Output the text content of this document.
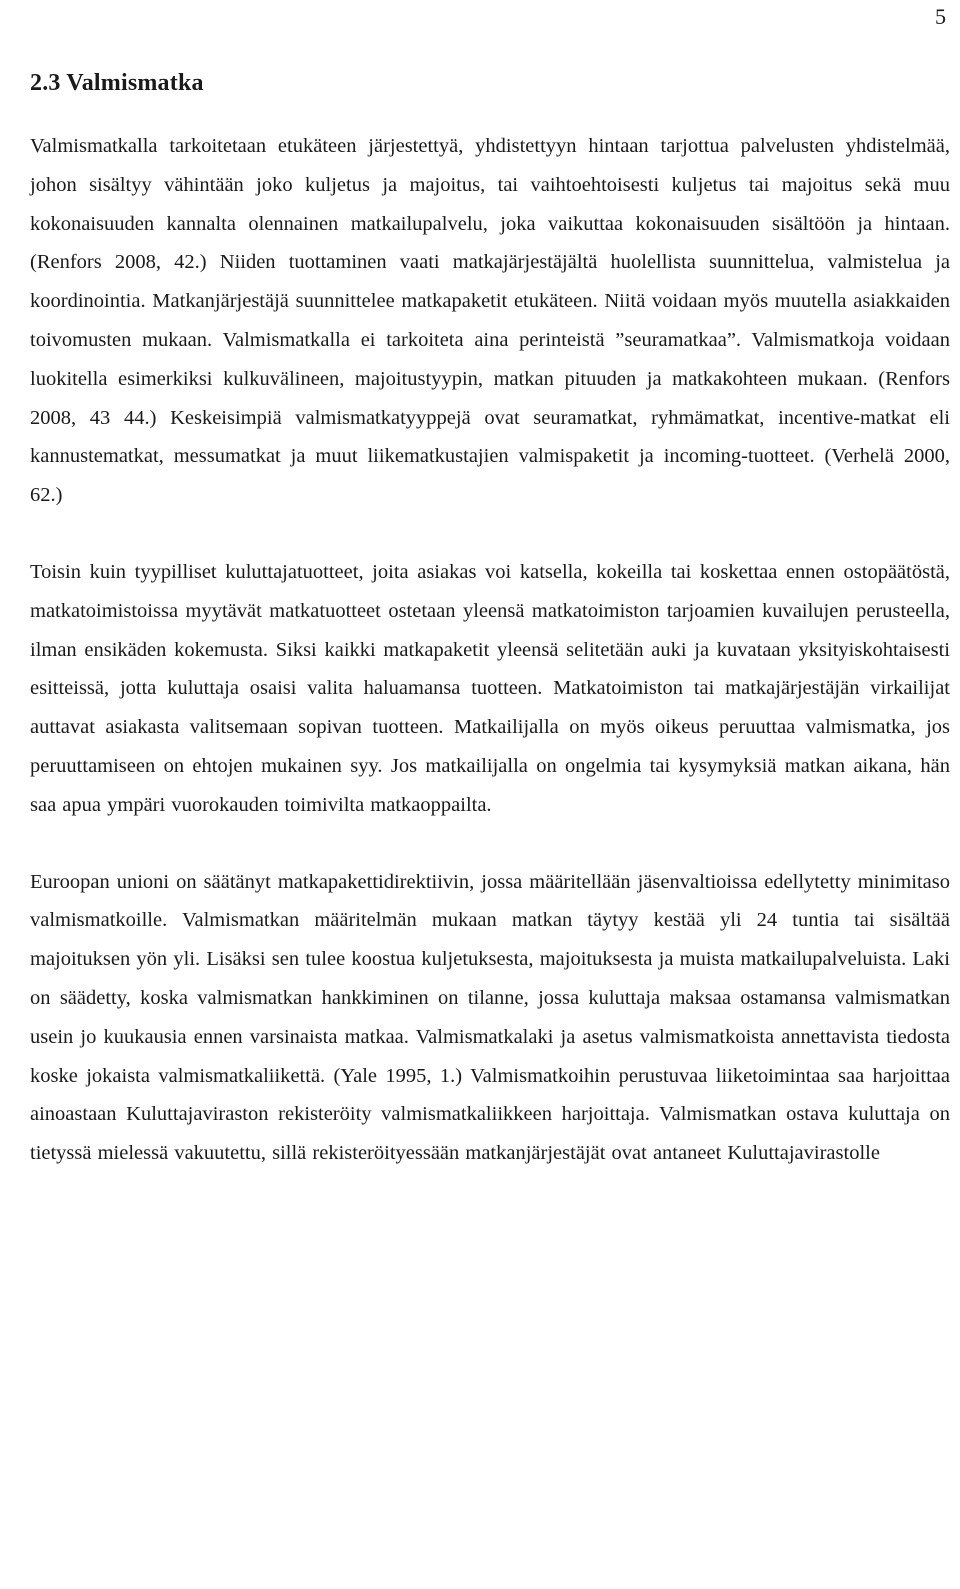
5
2.3 Valmismatka

Valmismatkalla tarkoitetaan etukäteen järjestettyä, yhdistettyyn hintaan tarjottua palvelusten yhdistelmää, johon sisältyy vähintään joko kuljetus ja majoitus, tai vaihtoehtoisesti kuljetus tai majoitus sekä muu kokonaisuuden kannalta olennainen matkailupalvelu, joka vaikuttaa kokonaisuuden sisältöön ja hintaan. (Renfors 2008, 42.) Niiden tuottaminen vaati matkajärjestäjältä huolellista suunnittelua, valmistelua ja koordinointia. Matkanjärjestäjä suunnittelee matkapaketit etukäteen. Niitä voidaan myös muutella asiakkaiden toivomusten mukaan. Valmismatkalla ei tarkoiteta aina perinteistä ”seuramatkaa”. Valmismatkoja voidaan luokitella esimerkiksi kulkuvälineen, majoitustyypin, matkan pituuden ja matkakohteen mukaan. (Renfors 2008, 43 44.) Keskeisimpiä valmismatkatyyppejä ovat seuramatkat, ryhmämatkat, incentive-matkat eli kannustematkat, messumatkat ja muut liikematkustajien valmispaketit ja incoming-tuotteet. (Verhelä 2000, 62.)

Toisin kuin tyypilliset kuluttajatuotteet, joita asiakas voi katsella, kokeilla tai koskettaa ennen ostopäätöstä, matkatoimistoissa myytävät matkatuotteet ostetaan yleensä matkatoimiston tarjoamien kuvailujen perusteella, ilman ensikäden kokemusta. Siksi kaikki matkapaketit yleensä selitetään auki ja kuvataan yksityiskohtaisesti esitteissä, jotta kuluttaja osaisi valita haluamansa tuotteen. Matkatoimiston tai matkajärjestäjän virkailijat auttavat asiakasta valitsemaan sopivan tuotteen. Matkailijalla on myös oikeus peruuttaa valmismatka, jos peruuttamiseen on ehtojen mukainen syy. Jos matkailijalla on ongelmia tai kysymyksiä matkan aikana, hän saa apua ympäri vuorokauden toimivilta matkaoppailta.

Euroopan unioni on säätänyt matkapakettidirektiivin, jossa määritellään jäsenvaltioissa edellytetty minimitaso valmismatkoille. Valmismatkan määritelmän mukaan matkan täytyy kestää yli 24 tuntia tai sisältää majoituksen yön yli. Lisäksi sen tulee koostua kuljetuksesta, majoituksesta ja muista matkailupalveluista. Laki on säädetty, koska valmismatkan hankkiminen on tilanne, jossa kuluttaja maksaa ostamansa valmismatkan usein jo kuukausia ennen varsinaista matkaa. Valmismatkalaki ja asetus valmismatkoista annettavista tiedosta koske jokaista valmismatkaliikettä. (Yale 1995, 1.) Valmismatkoihin perustuvaa liiketoimintaa saa harjoittaa ainoastaan Kuluttajaviraston rekisteröity valmismatkaliikkeen harjoittaja. Valmismatkan ostava kuluttaja on tietyssä mielessä vakuutettu, sillä rekisteröityessään matkanjärjestäjät ovat antaneet Kuluttajavirastolle
